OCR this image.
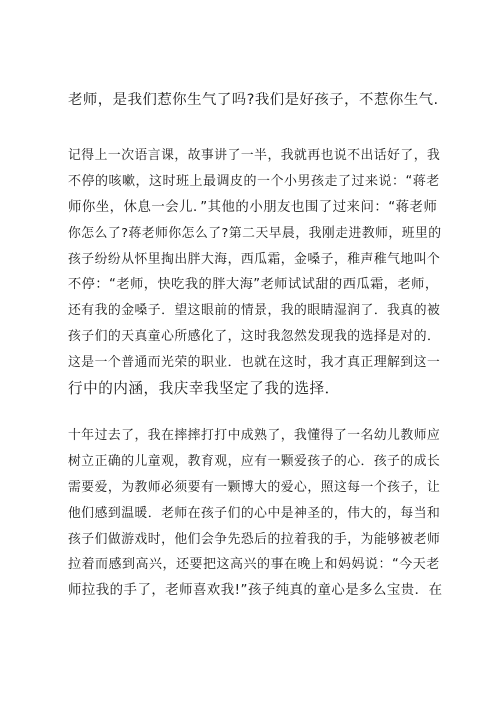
老师，是我们惹你生气了吗?我们是好孩子，不惹你生气.
记得上一次语言课，故事讲了一半，我就再也说不出话好了，我
不停的咳嗽，这时班上最调皮的一个小男孩走了过来说：“蒋老
师你坐，休息一会儿．”其他的小朋友也围了过来问：“蒋老师
你怎么了?蒋老师你怎么了?第二天早晨，我刚走进教师，班里的
孩子纷纷从怀里掏出胖大海，西瓜霜，金嗓子，稚声稚气地叫个
不停：“老师，快吃我的胖大海”老师试试甜的西瓜霜，老师，
还有我的金嗓子．望这眼前的情景，我的眼睛湿润了．我真的被
孩子们的天真童心所感化了，这时我忽然发现我的选择是对的．
这是一个普通而光荣的职业．也就在这时，我才真正理解到这一
行中的内涵，我庆幸我坚定了我的选择．
十年过去了，我在摔摔打打中成熟了，我懂得了一名幼儿教师应
树立正确的儿童观，教育观，应有一颗爱孩子的心．孩子的成长
需要爱，为教师必须要有一颗博大的爱心，照这每一个孩子，让
他们感到温暖．老师在孩子们的心中是神圣的，伟大的，每当和
孩子们做游戏时，他们会争先恐后的拉着我的手，为能够被老师
拉着而感到高兴，还要把这高兴的事在晚上和妈妈说：“今天老
师拉我的手了，老师喜欢我!”孩子纯真的童心是多么宝贵．在
